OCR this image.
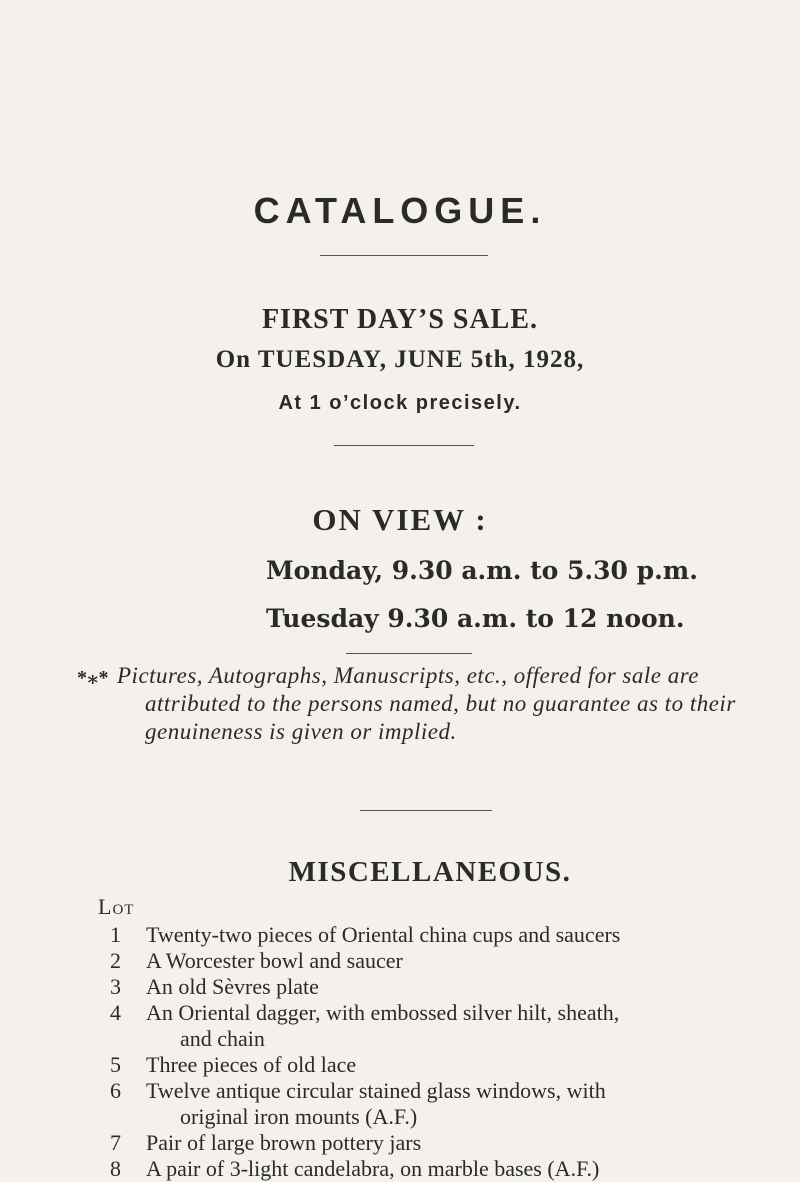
CATALOGUE.
FIRST DAY’S SALE.
On TUESDAY, JUNE 5th, 1928,
At 1 o’clock precisely.
ON VIEW :
Monday, 9.30 a.m. to 5.30 p.m.
Tuesday 9.30 a.m. to 12 noon.
*⁎* Pictures, Autographs, Manuscripts, etc., offered for sale are
attributed to the persons named, but no guarantee as to their
genuineness is given or implied.
MISCELLANEOUS.
Lot
1	Twenty-two pieces of Oriental china cups and saucers
2	A Worcester bowl and saucer
3	An old Sèvres plate
4	An Oriental dagger, with embossed silver hilt, sheath,
and chain
5	Three pieces of old lace
6	Twelve antique circular stained glass windows, with
original iron mounts (A.F.)
7	Pair of large brown pottery jars
8	A pair of 3-light candelabra, on marble bases (A.F.)
